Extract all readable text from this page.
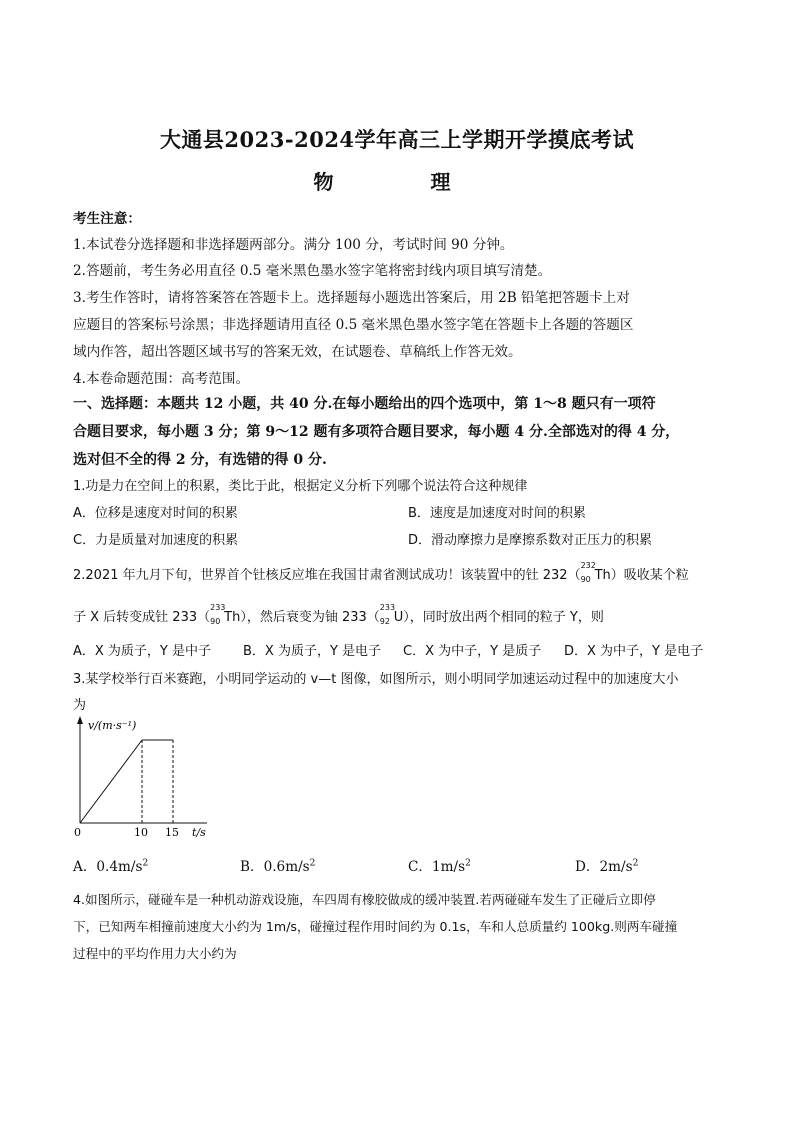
大通县2023-2024学年高三上学期开学摸底考试
物 理
考生注意：
1.本试卷分选择题和非选择题两部分。满分 100 分，考试时间 90 分钟。
2.答题前，考生务必用直径 0.5 毫米黑色墨水签字笔将密封线内项目填写清楚。
3.考生作答时，请将答案答在答题卡上。选择题每小题选出答案后，用 2B 铅笔把答题卡上对
应题目的答案标号涂黑；非选择题请用直径 0.5 毫米黑色墨水签字笔在答题卡上各题的答题区
域内作答，超出答题区域书写的答案无效，在试题卷、草稿纸上作答无效。
4.本卷命题范围：高考范围。
一、选择题：本题共 12 小题，共 40 分.在每小题给出的四个选项中，第 1～8 题只有一项符
合题目要求，每小题 3 分；第 9～12 题有多项符合题目要求，每小题 4 分.全部选对的得 4 分，
选对但不全的得 2 分，有选错的得 0 分.
1.功是力在空间上的积累，类比于此，根据定义分析下列哪个说法符合这种规律
A．位移是速度对时间的积累	B．速度是加速度对时间的积累
C．力是质量对加速度的积累	D．滑动摩擦力是摩擦系数对正压力的积累
2.2021 年九月下旬，世界首个钍核反应堆在我国甘肃省测试成功！该装置中的钍 232（
232
90 Th）吸收某个粒
子 X 后转变成钍 233（
233
90 Th），然后衰变为铀 233（
233
92 U），同时放出两个相同的粒子 Y，则
A．X 为质子，Y 是中子 B．X 为质子，Y 是电子 C．X 为中子，Y 是质子 D．X 为中子，Y 是电子
3.某学校举行百米赛跑，小明同学运动的 v—t 图像，如图所示，则小明同学加速运动过程中的加速度大小
为
v/(m·s⁻¹)
0	10 15 t/s
A．$0.4m/s^2$	B．$0.6m/s^2$	C．$1m/s^2$	D．$2m/s^2$
4.如图所示，碰碰车是一种机动游戏设施，车四周有橡胶做成的缓冲装置.若两碰碰车发生了正碰后立即停
下，已知两车相撞前速度大小约为 1m/s，碰撞过程作用时间约为 0.1s，车和人总质量约 100kg.则两车碰撞
过程中的平均作用力大小约为
